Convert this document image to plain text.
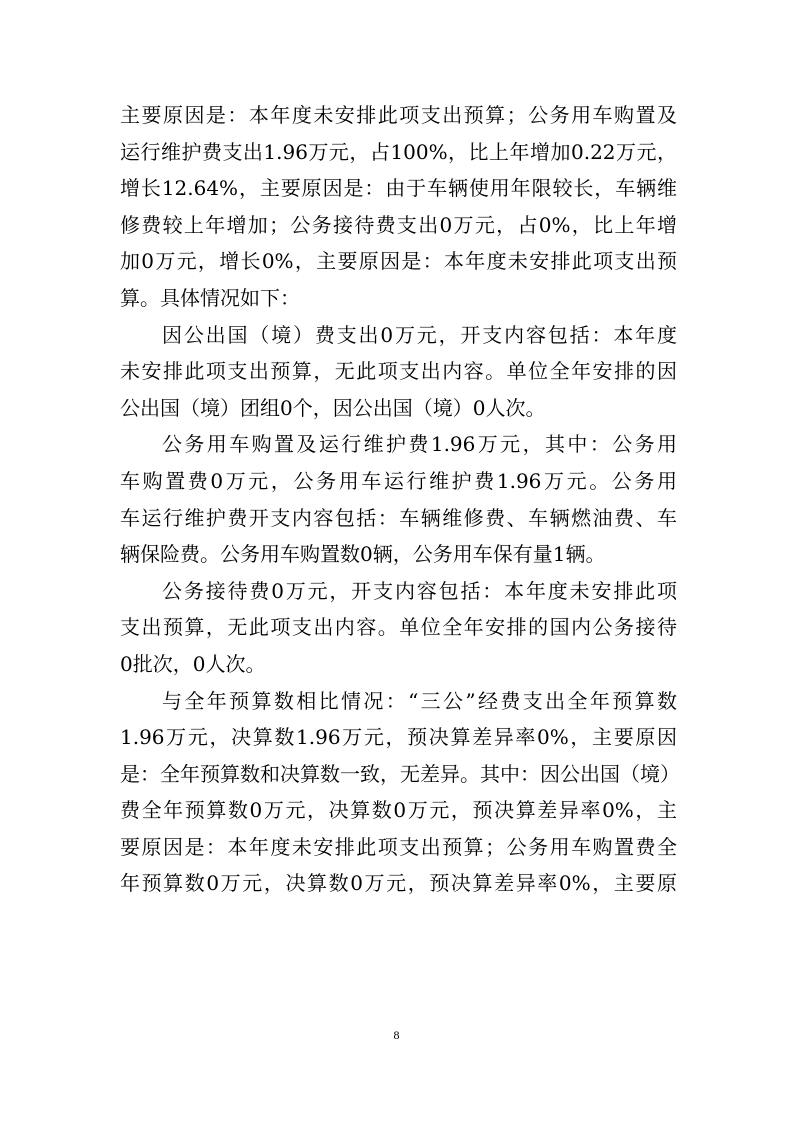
主要原因是：本年度未安排此项支出预算；公务用车购置及
运行维护费支出1.96万元，占100%，比上年增加0.22万元，
增长12.64%，主要原因是：由于车辆使用年限较长，车辆维
修费较上年增加；公务接待费支出0万元，占0%，比上年增
加0万元，增长0%，主要原因是：本年度未安排此项支出预
算。具体情况如下：
因公出国（境）费支出0万元，开支内容包括：本年度
未安排此项支出预算，无此项支出内容。单位全年安排的因
公出国（境）团组0个，因公出国（境）0人次。
公务用车购置及运行维护费1.96万元，其中：公务用
车购置费0万元，公务用车运行维护费1.96万元。公务用
车运行维护费开支内容包括：车辆维修费、车辆燃油费、车
辆保险费。公务用车购置数0辆，公务用车保有量1辆。
公务接待费0万元，开支内容包括：本年度未安排此项
支出预算，无此项支出内容。单位全年安排的国内公务接待
0批次，0人次。
与全年预算数相比情况：“三公”经费支出全年预算数
1.96万元，决算数1.96万元，预决算差异率0%，主要原因
是：全年预算数和决算数一致，无差异。其中：因公出国（境）
费全年预算数0万元，决算数0万元，预决算差异率0%，主
要原因是：本年度未安排此项支出预算；公务用车购置费全
年预算数0万元，决算数0万元，预决算差异率0%，主要原
8
